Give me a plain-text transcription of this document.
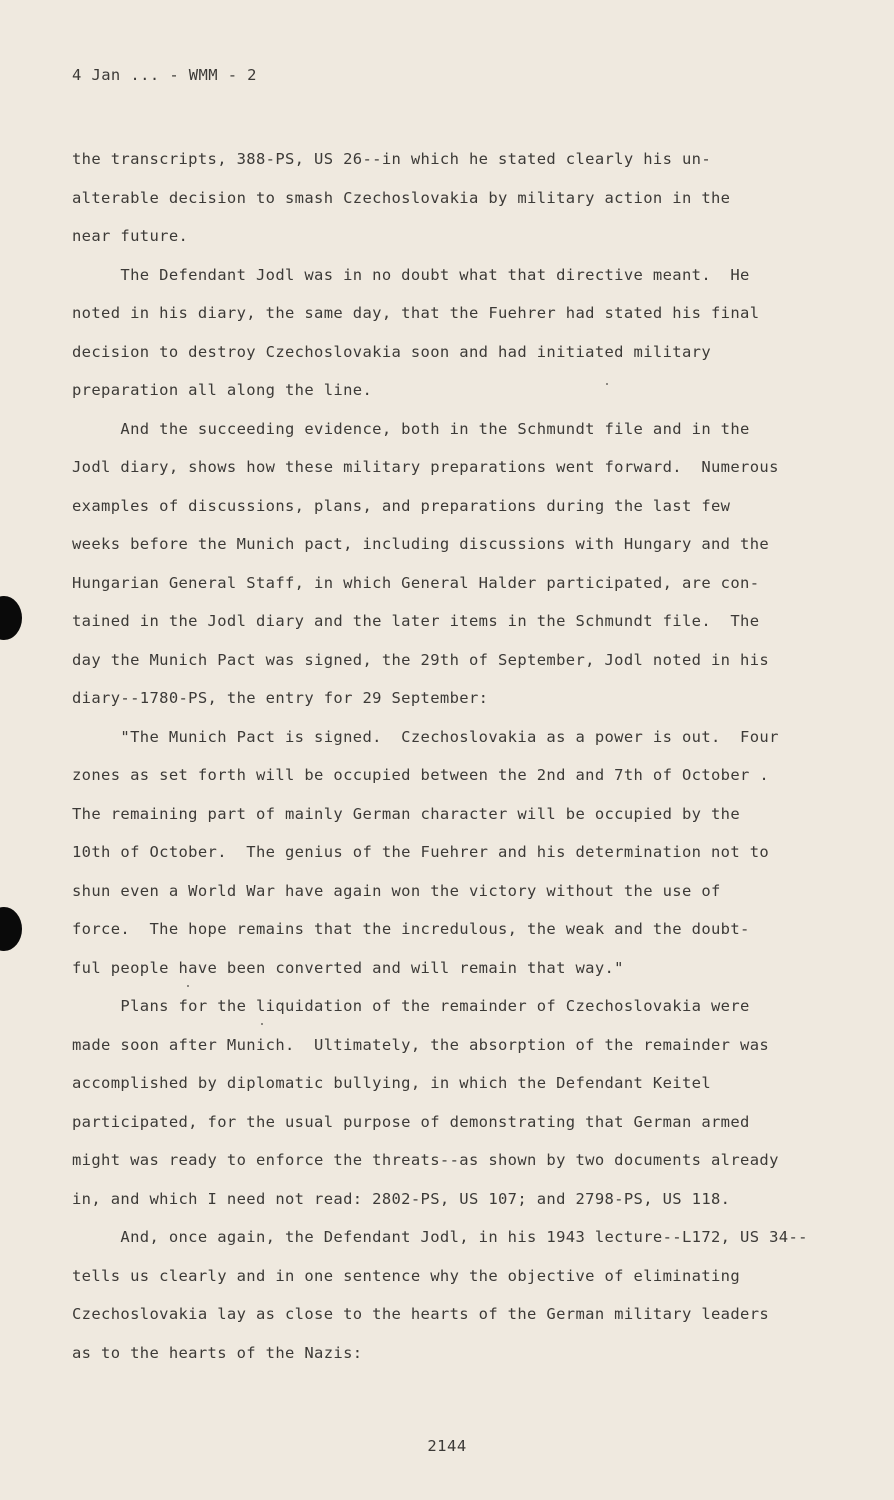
4 Jan ... - WMM - 2
the transcripts, 388-PS, US 26--in which he stated clearly his un-
alterable decision to smash Czechoslovakia by military action in the
near future.
The Defendant Jodl was in no doubt what that directive meant.  He
noted in his diary, the same day, that the Fuehrer had stated his final
decision to destroy Czechoslovakia soon and had initiated military
preparation all along the line.
And the succeeding evidence, both in the Schmundt file and in the
Jodl diary, shows how these military preparations went forward.  Numerous
examples of discussions, plans, and preparations during the last few
weeks before the Munich pact, including discussions with Hungary and the
Hungarian General Staff, in which General Halder participated, are con-
tained in the Jodl diary and the later items in the Schmundt file.  The
day the Munich Pact was signed, the 29th of September, Jodl noted in his
diary--1780-PS, the entry for 29 September:
"The Munich Pact is signed.  Czechoslovakia as a power is out.  Four
zones as set forth will be occupied between the 2nd and 7th of October .
The remaining part of mainly German character will be occupied by the
10th of October.  The genius of the Fuehrer and his determination not to
shun even a World War have again won the victory without the use of
force.  The hope remains that the incredulous, the weak and the doubt-
ful people have been converted and will remain that way."
Plans for the liquidation of the remainder of Czechoslovakia were
made soon after Munich.  Ultimately, the absorption of the remainder was
accomplished by diplomatic bullying, in which the Defendant Keitel
participated, for the usual purpose of demonstrating that German armed
might was ready to enforce the threats--as shown by two documents already
in, and which I need not read: 2802-PS, US 107; and 2798-PS, US 118.
And, once again, the Defendant Jodl, in his 1943 lecture--L172, US 34--
tells us clearly and in one sentence why the objective of eliminating
Czechoslovakia lay as close to the hearts of the German military leaders
as to the hearts of the Nazis:
2144
